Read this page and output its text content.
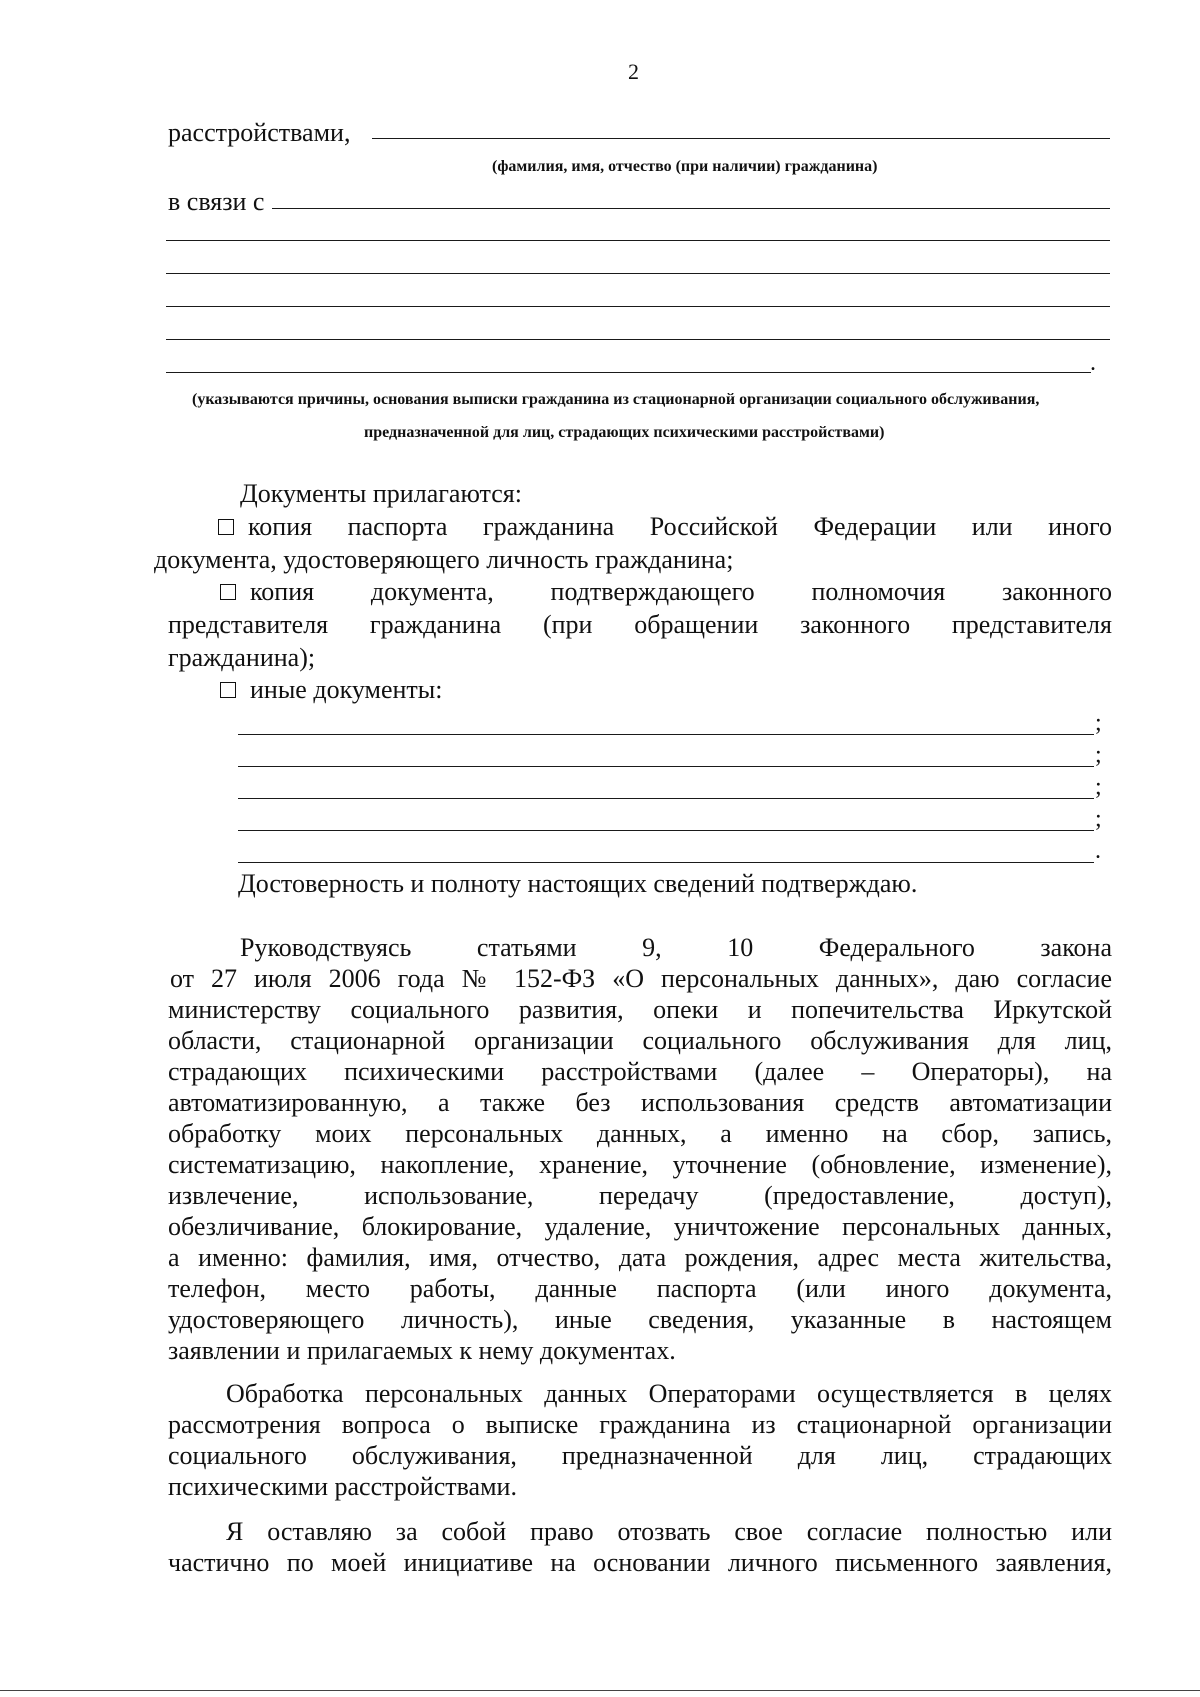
2
расстройствами,
(фамилия, имя, отчество (при наличии) гражданина)
в связи с
.
(указываются причины, основания выписки гражданина из стационарной организации социального обслуживания,
предназначенной для лиц, страдающих психическими расстройствами)
Документы прилагаются:
копия паспорта гражданина Российской Федерации или иного
документа, удостоверяющего личность гражданина;
копия документа, подтверждающего полномочия законного
представителя гражданина (при обращении законного представителя
гражданина);
иные документы:
;
;
;
;
.
Достоверность и полноту настоящих сведений подтверждаю.
Руководствуясь статьями 9, 10 Федерального закона
от 27 июля 2006 года № 152-ФЗ «О персональных данных», даю согласие
министерству социального развития, опеки и попечительства Иркутской
области, стационарной организации социального обслуживания для лиц,
страдающих психическими расстройствами (далее – Операторы), на
автоматизированную, а также без использования средств автоматизации
обработку моих персональных данных, а именно на сбор, запись,
систематизацию, накопление, хранение, уточнение (обновление, изменение),
извлечение, использование, передачу (предоставление, доступ),
обезличивание, блокирование, удаление, уничтожение персональных данных,
а именно: фамилия, имя, отчество, дата рождения, адрес места жительства,
телефон, место работы, данные паспорта (или иного документа,
удостоверяющего личность), иные сведения, указанные в настоящем
заявлении и прилагаемых к нему документах.
Обработка персональных данных Операторами осуществляется в целях
рассмотрения вопроса о выписке гражданина из стационарной организации
социального обслуживания, предназначенной для лиц, страдающих
психическими расстройствами.
Я оставляю за собой право отозвать свое согласие полностью или
частично по моей инициативе на основании личного письменного заявления,
